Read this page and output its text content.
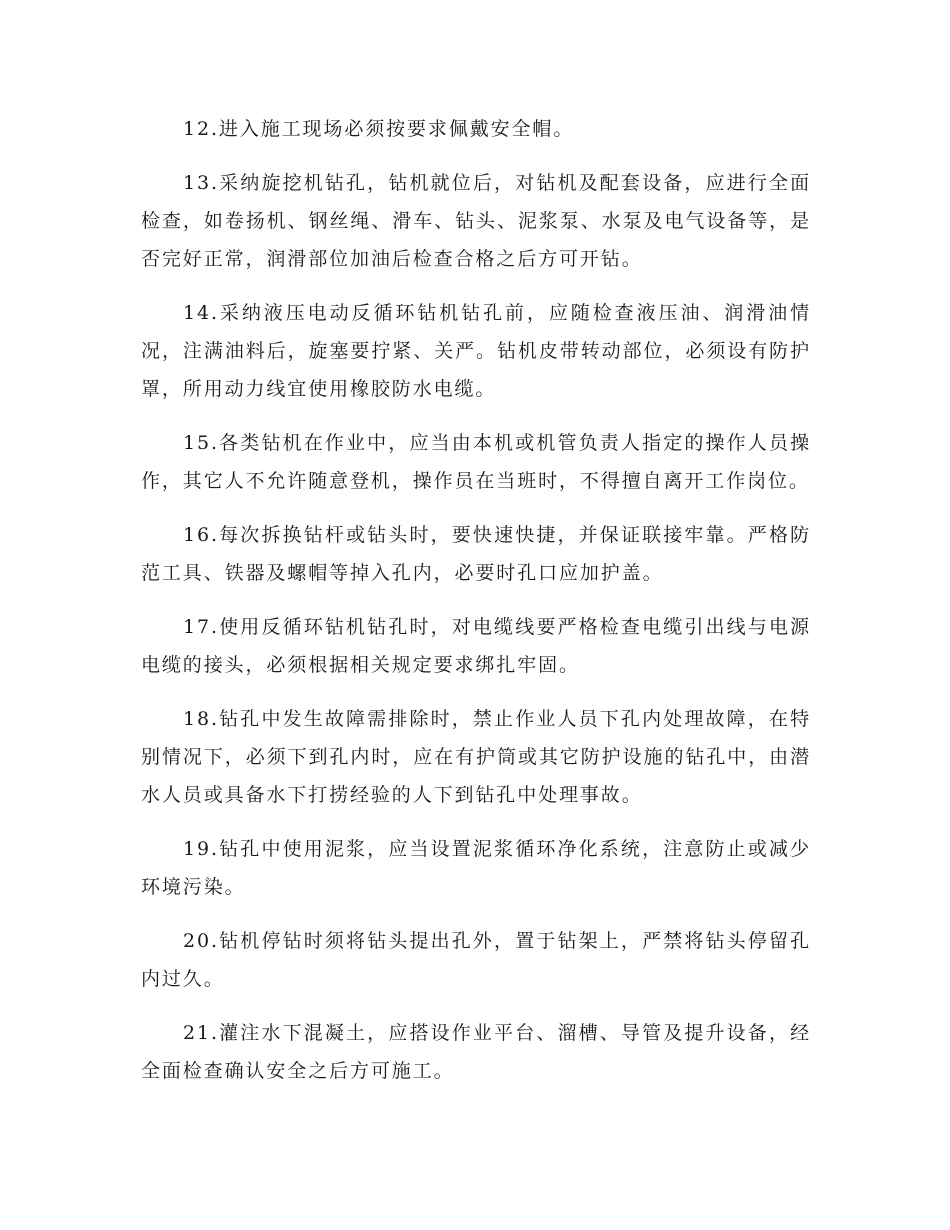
12.进入施工现场必须按要求佩戴安全帽。

13.采纳旋挖机钻孔，钻机就位后，对钻机及配套设备，应进行全面检查，如卷扬机、钢丝绳、滑车、钻头、泥浆泵、水泵及电气设备等，是否完好正常，润滑部位加油后检查合格之后方可开钻。

14.采纳液压电动反循环钻机钻孔前，应随检查液压油、润滑油情况，注满油料后，旋塞要拧紧、关严。钻机皮带转动部位，必须设有防护罩，所用动力线宜使用橡胶防水电缆。

15.各类钻机在作业中，应当由本机或机管负责人指定的操作人员操作，其它人不允许随意登机，操作员在当班时，不得擅自离开工作岗位。

16.每次拆换钻杆或钻头时，要快速快捷，并保证联接牢靠。严格防范工具、铁器及螺帽等掉入孔内，必要时孔口应加护盖。

17.使用反循环钻机钻孔时，对电缆线要严格检查电缆引出线与电源电缆的接头，必须根据相关规定要求绑扎牢固。

18.钻孔中发生故障需排除时，禁止作业人员下孔内处理故障，在特别情况下，必须下到孔内时，应在有护筒或其它防护设施的钻孔中，由潜水人员或具备水下打捞经验的人下到钻孔中处理事故。

19.钻孔中使用泥浆，应当设置泥浆循环净化系统，注意防止或减少环境污染。

20.钻机停钻时须将钻头提出孔外，置于钻架上，严禁将钻头停留孔内过久。

21.灌注水下混凝土，应搭设作业平台、溜槽、导管及提升设备，经全面检查确认安全之后方可施工。
